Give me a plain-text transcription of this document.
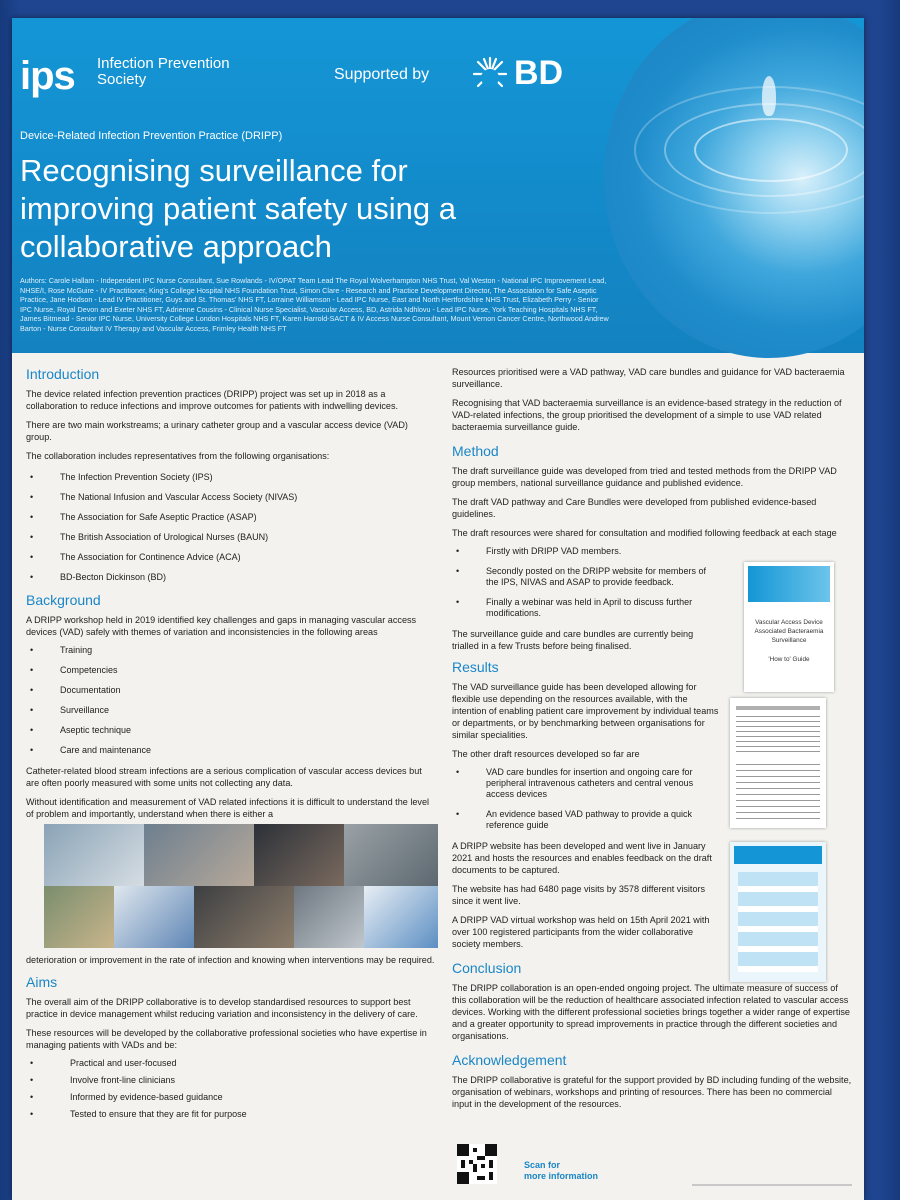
ips Infection Prevention Society	Supported by BD
Device-Related Infection Prevention Practice (DRIPP)
Recognising surveillance for improving patient safety using a collaborative approach
Authors: Carole Hallam - Independent IPC Nurse Consultant, Sue Rowlands - IV/OPAT Team Lead The Royal Wolverhampton NHS Trust, Val Weston - National IPC Improvement Lead, NHSE/I, Rose McGuire - IV Practitioner, King's College Hospital NHS Foundation Trust, Simon Clare - Research and Practice Development Director, The Association for Safe Aseptic Practice, Jane Hodson - Lead IV Practitioner, Guys and St. Thomas' NHS FT, Lorraine Williamson - Lead IPC Nurse, East and North Hertfordshire NHS Trust, Elizabeth Perry - Senior IPC Nurse, Royal Devon and Exeter NHS FT, Adrienne Cousins - Clinical Nurse Specialist, Vascular Access, BD, Astrida Ndhlovu - Lead IPC Nurse, York Teaching Hospitals NHS FT, James Bitmead - Senior IPC Nurse, University College London Hospitals NHS FT, Karen Harrold-SACT & IV Access Nurse Consultant, Mount Vernon Cancer Centre, Northwood Andrew Barton - Nurse Consultant IV Therapy and Vascular Access, Frimley Health NHS FT
Introduction

The device related infection prevention practices (DRIPP) project was set up in 2018 as a collaboration to reduce infections and improve outcomes for patients with indwelling devices.

There are two main workstreams; a urinary catheter group and a vascular access device (VAD) group.

The collaboration includes representatives from the following organisations:

• The Infection Prevention Society (IPS)
• The National Infusion and Vascular Access Society (NIVAS)
• The Association for Safe Aseptic Practice (ASAP)
• The British Association of Urological Nurses (BAUN)
• The Association for Continence Advice (ACA)
• BD-Becton Dickinson (BD)
Background

A DRIPP workshop held in 2019 identified key challenges and gaps in managing vascular access devices (VAD) safely with themes of variation and inconsistencies in the following areas

• Training
• Competencies
• Documentation
• Surveillance
• Aseptic technique
• Care and maintenance

Catheter-related blood stream infections are a serious complication of vascular access devices but are often poorly measured with some units not collecting any data.

Without identification and measurement of VAD related infections it is difficult to understand the level of problem and importantly, understand when there is either a

deterioration or improvement in the rate of infection and knowing when interventions may be required.

Aims

The overall aim of the DRIPP collaborative is to develop standardised resources to support best practice in device management whilst reducing variation and inconsistency in the delivery of care.

These resources will be developed by the collaborative professional societies who have expertise in managing patients with VADs and be:

• Practical and user-focused
• Involve front-line clinicians
• Informed by evidence-based guidance
• Tested to ensure that they are fit for purpose

Resources prioritised were a VAD pathway, VAD care bundles and guidance for VAD bacteraemia surveillance.

Recognising that VAD bacteraemia surveillance is an evidence-based strategy in the reduction of VAD-related infections, the group prioritised the development of a simple to use VAD related bacteraemia surveillance guide.

Method

The draft surveillance guide was developed from tried and tested methods from the DRIPP VAD group members, national surveillance guidance and published evidence.

The draft VAD pathway and Care Bundles were developed from published evidence-based guidelines.

The draft resources were shared for consultation and modified following feedback at each stage

• Firstly with DRIPP VAD members.
• Secondly posted on the DRIPP website for members of the IPS, NIVAS and ASAP to provide feedback.
• Finally a webinar was held in April to discuss further modifications.

The surveillance guide and care bundles are currently being trialled in a few Trusts before being finalised.

Results

The VAD surveillance guide has been developed allowing for flexible use depending on the resources available, with the intention of enabling patient care improvement by individual teams or departments, or by benchmarking between organisations for similar specialities.

The other draft resources developed so far are

• VAD care bundles for insertion and ongoing care for peripheral intravenous catheters and central venous access devices
• An evidence based VAD pathway to provide a quick reference guide

A DRIPP website has been developed and went live in January 2021 and hosts the resources and enables feedback on the draft documents to be captured.

The website has had 6480 page visits by 3578 different visitors since it went live.

A DRIPP VAD virtual workshop was held on 15th April 2021 with over 100 registered participants from the wider collaborative society members.

Conclusion

The DRIPP collaboration is an open-ended ongoing project. The ultimate measure of success of this collaboration will be the reduction of healthcare associated infection related to vascular access devices. Working with the different professional societies brings together a wider range of expertise and a greater opportunity to spread improvements in practice through the different societies and organisations.

Acknowledgement

The DRIPP collaborative is grateful for the support provided by BD including funding of the website, organisation of webinars, workshops and printing of resources. There has been no commercial input in the development of the resources.

Vascular Access Device Associated Bacteraemia Surveillance
'How to' Guide
Scan for
more information
